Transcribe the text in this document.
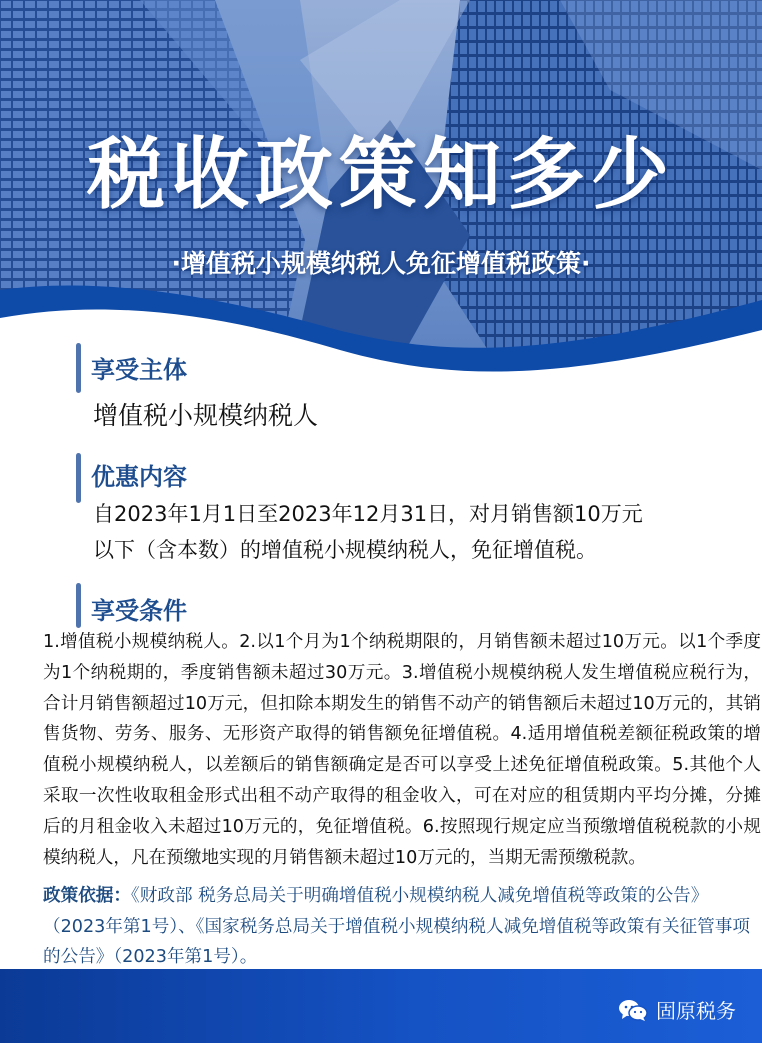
税收政策知多少
·增值税小规模纳税人免征增值税政策·
享受主体
增值税小规模纳税人
优惠内容
自2023年1月1日至2023年12月31日，对月销售额10万元
以下（含本数）的增值税小规模纳税人，免征增值税。
享受条件
1.增值税小规模纳税人。2.以1个月为1个纳税期限的，月销售额未超过10万元。以1个季度为1个纳税期的，季度销售额未超过30万元。3.增值税小规模纳税人发生增值税应税行为，合计月销售额超过10万元，但扣除本期发生的销售不动产的销售额后未超过10万元的，其销售货物、劳务、服务、无形资产取得的销售额免征增值税。4.适用增值税差额征税政策的增值税小规模纳税人，以差额后的销售额确定是否可以享受上述免征增值税政策。5.其他个人采取一次性收取租金形式出租不动产取得的租金收入，可在对应的租赁期内平均分摊，分摊后的月租金收入未超过10万元的，免征增值税。6.按照现行规定应当预缴增值税税款的小规模纳税人，凡在预缴地实现的月销售额未超过10万元的，当期无需预缴税款。
政策依据：《财政部 税务总局关于明确增值税小规模纳税人减免增值税等政策的公告》（2023年第1号）、《国家税务总局关于增值税小规模纳税人减免增值税等政策有关征管事项的公告》（2023年第1号）。
固原税务
